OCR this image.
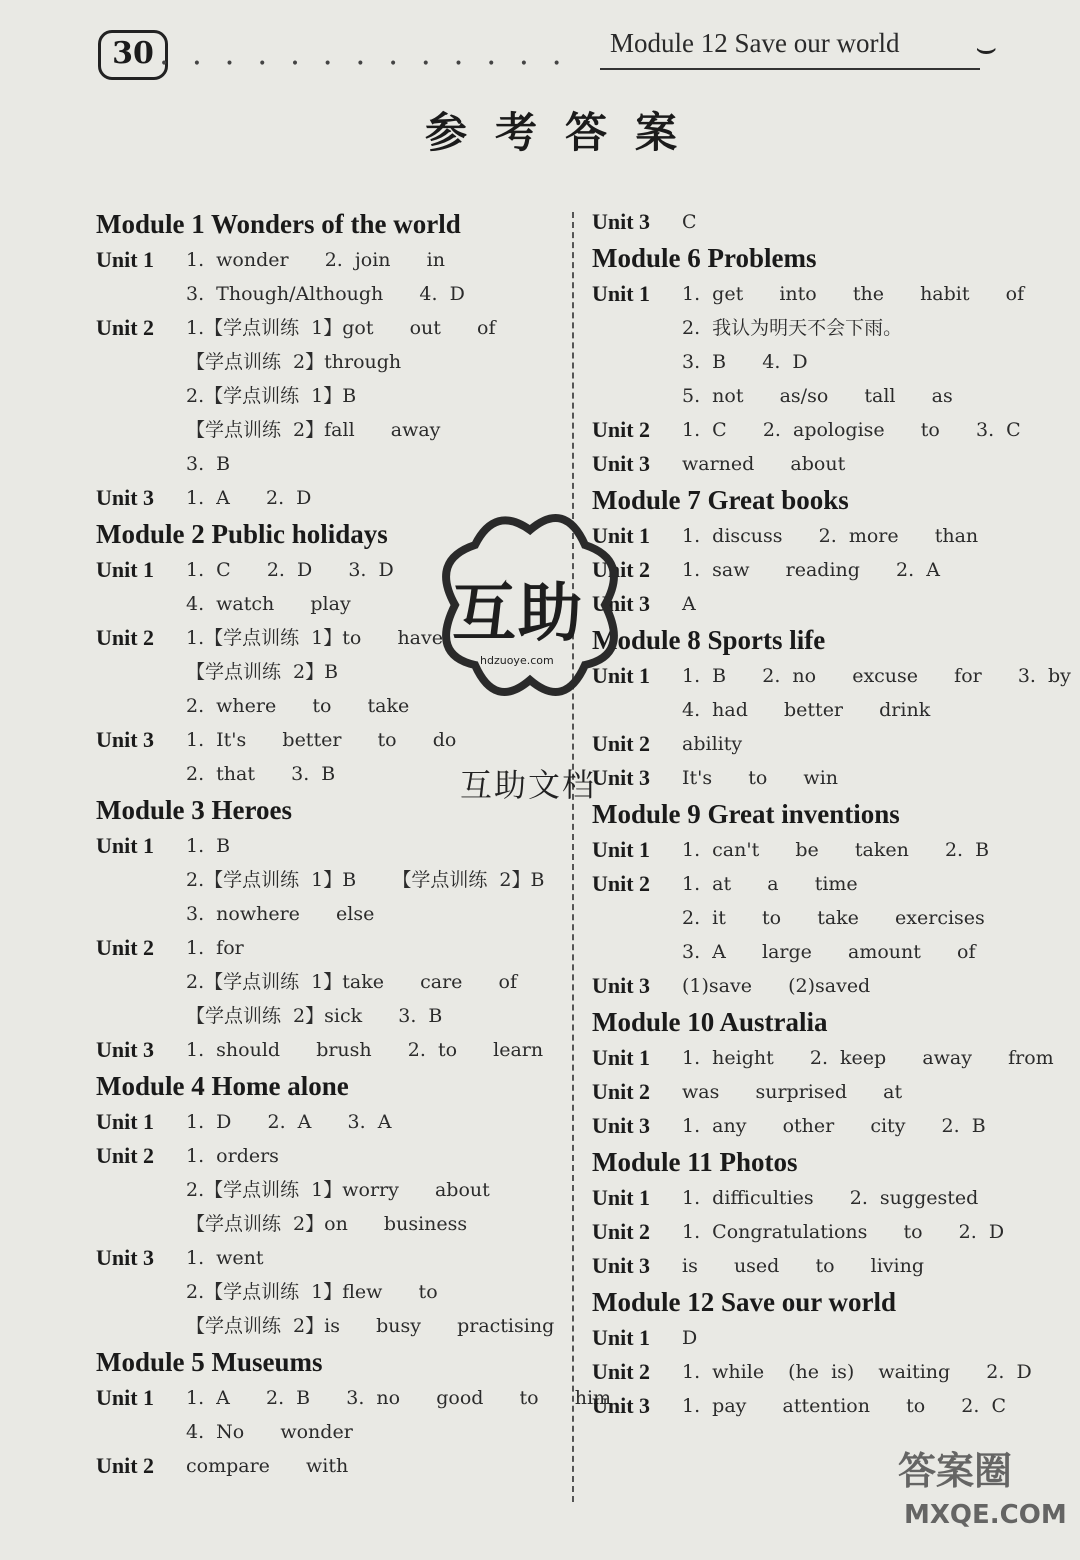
30 • • • • • • • • • • • • •
Module 12 Save our world ⌣
参考答案
Module 1 Wonders of the world
Unit 1	1. wonder   2. join   in
3. Though/Although   4. D
Unit 2	1.【学点训练 1】got   out   of
【学点训练 2】through
2.【学点训练 1】B
【学点训练 2】fall   away
3. B
Unit 3	1. A   2. D
Module 2 Public holidays
Unit 1	1. C   2. D   3. D
4. watch   play
Unit 2	1.【学点训练 1】to   have
【学点训练 2】B
2. where   to   take
Unit 3	1. It's   better   to   do
2. that   3. B
Module 3 Heroes
Unit 1	1. B
2.【学点训练 1】B   【学点训练 2】B
3. nowhere   else
Unit 2	1. for
2.【学点训练 1】take   care   of
【学点训练 2】sick   3. B
Unit 3	1. should   brush   2. to   learn
Module 4 Home alone
Unit 1	1. D   2. A   3. A
Unit 2	1. orders
2.【学点训练 1】worry   about
【学点训练 2】on   business
Unit 3	1. went
2.【学点训练 1】flew   to
【学点训练 2】is   busy   practising
Module 5 Museums
Unit 1	1. A   2. B   3. no   good   to   him
4. No   wonder
Unit 2	compare   with
Unit 3	C
Module 6 Problems
Unit 1	1. get   into   the   habit   of
2. 我认为明天不会下雨。
3. B   4. D
5. not   as/so   tall   as
Unit 2	1. C   2. apologise   to   3. C
Unit 3	warned   about
Module 7 Great books
Unit 1	1. discuss   2. more   than
Unit 2	1. saw   reading   2. A
Unit 3	A
Module 8 Sports life
Unit 1	1. B   2. no   excuse   for   3. by
4. had   better   drink
Unit 2	ability
Unit 3	It's   to   win
Module 9 Great inventions
Unit 1	1. can't   be   taken   2. B
Unit 2	1. at   a   time
2. it   to   take   exercises
3. A   large   amount   of
Unit 3	(1)save   (2)saved
Module 10 Australia
Unit 1	1. height   2. keep   away   from
Unit 2	was   surprised   at
Unit 3	1. any   other   city   2. B
Module 11 Photos
Unit 1	1. difficulties   2. suggested
Unit 2	1. Congratulations   to   2. D
Unit 3	is   used   to   living
Module 12 Save our world
Unit 1	D
Unit 2	1. while  (he is)  waiting   2. D
Unit 3	1. pay   attention   to   2. C
互助
hdzuoye.com
互助文档
答案圈
MXQE.COM
